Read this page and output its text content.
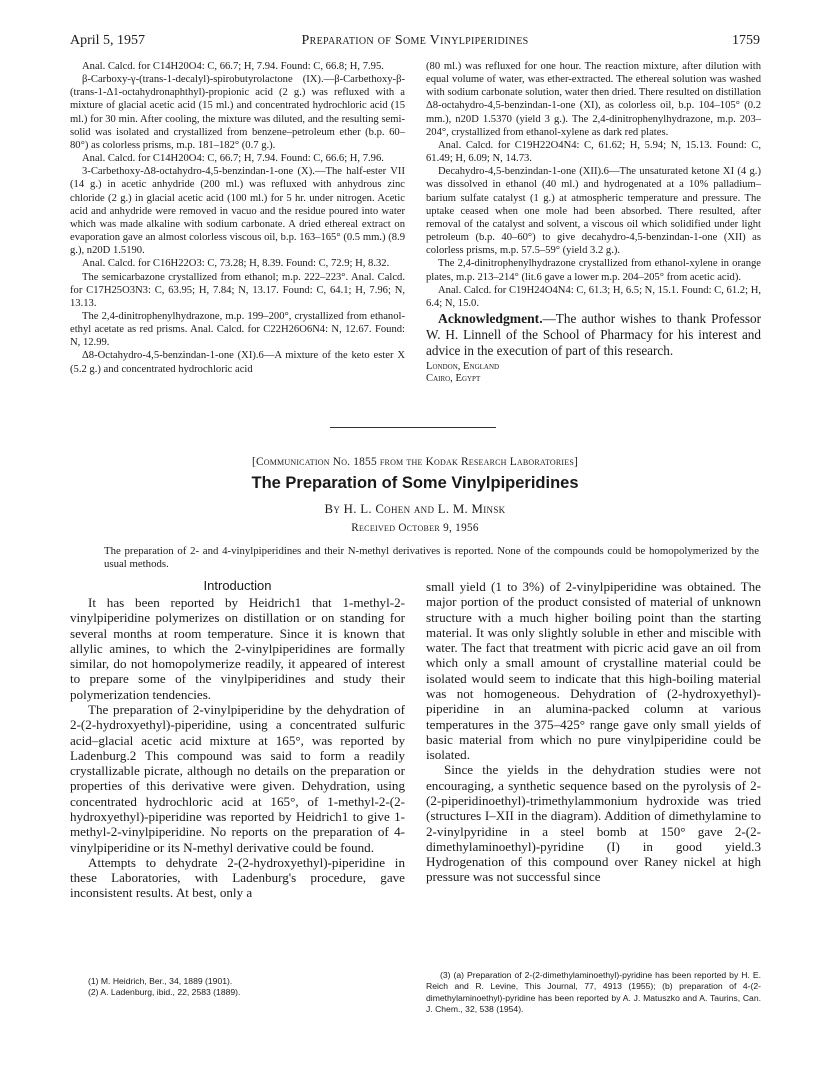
April 5, 1957	Preparation of Some Vinylpiperidines	1759

Anal. Calcd. for C14H20O4: C, 66.7; H, 7.94. Found: C, 66.8; H, 7.95.

β-Carboxy-γ-(trans-1-decalyl)-spirobutyrolactone (IX).—β-Carbethoxy-β-(trans-1-Δ1-octahydronaphthyl)-propionic acid (2 g.) was refluxed with a mixture of glacial acetic acid (15 ml.) and concentrated hydrochloric acid (15 ml.) for 30 min. After cooling, the mixture was diluted, and the resulting semi-solid was isolated and crystallized from benzene–petroleum ether (b.p. 60–80°) as colorless prisms, m.p. 181–182° (0.7 g.).

Anal. Calcd. for C14H20O4: C, 66.7; H, 7.94. Found: C, 66.6; H, 7.96.

3-Carbethoxy-Δ8-octahydro-4,5-benzindan-1-one (X).—The half-ester VII (14 g.) in acetic anhydride (200 ml.) was refluxed with anhydrous zinc chloride (2 g.) in glacial acetic acid (100 ml.) for 5 hr. under nitrogen. Acetic acid and anhydride were removed in vacuo and the residue poured into water which was made alkaline with sodium carbonate. A dried ethereal extract on evaporation gave an almost colorless viscous oil, b.p. 163–165° (0.5 mm.) (8.9 g.), n20D 1.5190.

Anal. Calcd. for C16H22O3: C, 73.28; H, 8.39. Found: C, 72.9; H, 8.32.

The semicarbazone crystallized from ethanol; m.p. 222–223°. Anal. Calcd. for C17H25O3N3: C, 63.95; H, 7.84; N, 13.17. Found: C, 64.1; H, 7.96; N, 13.13.

The 2,4-dinitrophenylhydrazone, m.p. 199–200°, crystallized from ethanol-ethyl acetate as red prisms. Anal. Calcd. for C22H26O6N4: N, 12.67. Found: N, 12.99.

Δ8-Octahydro-4,5-benzindan-1-one (XI).6—A mixture of the keto ester X (5.2 g.) and concentrated hydrochloric acid

(80 ml.) was refluxed for one hour. The reaction mixture, after dilution with equal volume of water, was ether-extracted. The ethereal solution was washed with sodium carbonate solution, water then dried. There resulted on distillation Δ8-octahydro-4,5-benzindan-1-one (XI), as colorless oil, b.p. 104–105° (0.2 mm.), n20D 1.5370 (yield 3 g.). The 2,4-dinitrophenylhydrazone, m.p. 203–204°, crystallized from ethanol-xylene as dark red plates.

Anal. Calcd. for C19H22O4N4: C, 61.62; H, 5.94; N, 15.13. Found: C, 61.49; H, 6.09; N, 14.73.

Decahydro-4,5-benzindan-1-one (XII).6—The unsaturated ketone XI (4 g.) was dissolved in ethanol (40 ml.) and hydrogenated at a 10% palladium–barium sulfate catalyst (1 g.) at atmospheric temperature and pressure. The uptake ceased when one mole had been absorbed. There resulted, after removal of the catalyst and solvent, a viscous oil which solidified under light petroleum (b.p. 40–60°) to give decahydro-4,5-benzindan-1-one (XII) as colorless prisms, m.p. 57.5–59° (yield 3.2 g.).

The 2,4-dinitrophenylhydrazone crystallized from ethanol-xylene in orange plates, m.p. 213–214° (lit.6 gave a lower m.p. 204–205° from acetic acid).

Anal. Calcd. for C19H24O4N4: C, 61.3; H, 6.5; N, 15.1. Found: C, 61.2; H, 6.4; N, 15.0.

Acknowledgment.—The author wishes to thank Professor W. H. Linnell of the School of Pharmacy for his interest and advice in the execution of part of this research.

London, England

Cairo, Egypt

[Communication No. 1855 from the Kodak Research Laboratories]
The Preparation of Some Vinylpiperidines
By H. L. Cohen and L. M. Minsk
Received October 9, 1956
The preparation of 2- and 4-vinylpiperidines and their N-methyl derivatives is reported. None of the compounds could be homopolymerized by the usual methods.
Introduction

It has been reported by Heidrich1 that 1-methyl-2-vinylpiperidine polymerizes on distillation or on standing for several months at room temperature. Since it is known that allylic amines, to which the 2-vinylpiperidines are formally similar, do not homopolymerize readily, it appeared of interest to prepare some of the vinylpiperidines and study their polymerization tendencies.

The preparation of 2-vinylpiperidine by the dehydration of 2-(2-hydroxyethyl)-piperidine, using a concentrated sulfuric acid–glacial acetic acid mixture at 165°, was reported by Ladenburg.2 This compound was said to form a readily crystallizable picrate, although no details on the preparation or properties of this derivative were given. Dehydration, using concentrated hydrochloric acid at 165°, of 1-methyl-2-(2-hydroxyethyl)-piperidine was reported by Heidrich1 to give 1-methyl-2-vinylpiperidine. No reports on the preparation of 4-vinylpiperidine or its N-methyl derivative could be found.

Attempts to dehydrate 2-(2-hydroxyethyl)-piperidine in these Laboratories, with Ladenburg's procedure, gave inconsistent results. At best, only a

small yield (1 to 3%) of 2-vinylpiperidine was obtained. The major portion of the product consisted of material of unknown structure with a much higher boiling point than the starting material. It was only slightly soluble in ether and miscible with water. The fact that treatment with picric acid gave an oil from which only a small amount of crystalline material could be isolated would seem to indicate that this high-boiling material was not homogeneous. Dehydration of (2-hydroxyethyl)-piperidine in an alumina-packed column at various temperatures in the 375–425° range gave only small yields of basic material from which no pure vinylpiperidine could be isolated.

Since the yields in the dehydration studies were not encouraging, a synthetic sequence based on the pyrolysis of 2-(2-piperidinoethyl)-trimethylammonium hydroxide was tried (structures I–XII in the diagram). Addition of dimethylamine to 2-vinylpyridine in a steel bomb at 150° gave 2-(2-dimethylaminoethyl)-pyridine (I) in good yield.3 Hydrogenation of this compound over Raney nickel at high pressure was not successful since

(1) M. Heidrich, Ber., 34, 1889 (1901).
(2) A. Ladenburg, ibid., 22, 2583 (1889).
(3) (a) Preparation of 2-(2-dimethylaminoethyl)-pyridine has been reported by H. E. Reich and R. Levine, This Journal, 77, 4913 (1955); (b) preparation of 4-(2-dimethylaminoethyl)-pyridine has been reported by A. J. Matuszko and A. Taurins, Can. J. Chem., 32, 538 (1954).
